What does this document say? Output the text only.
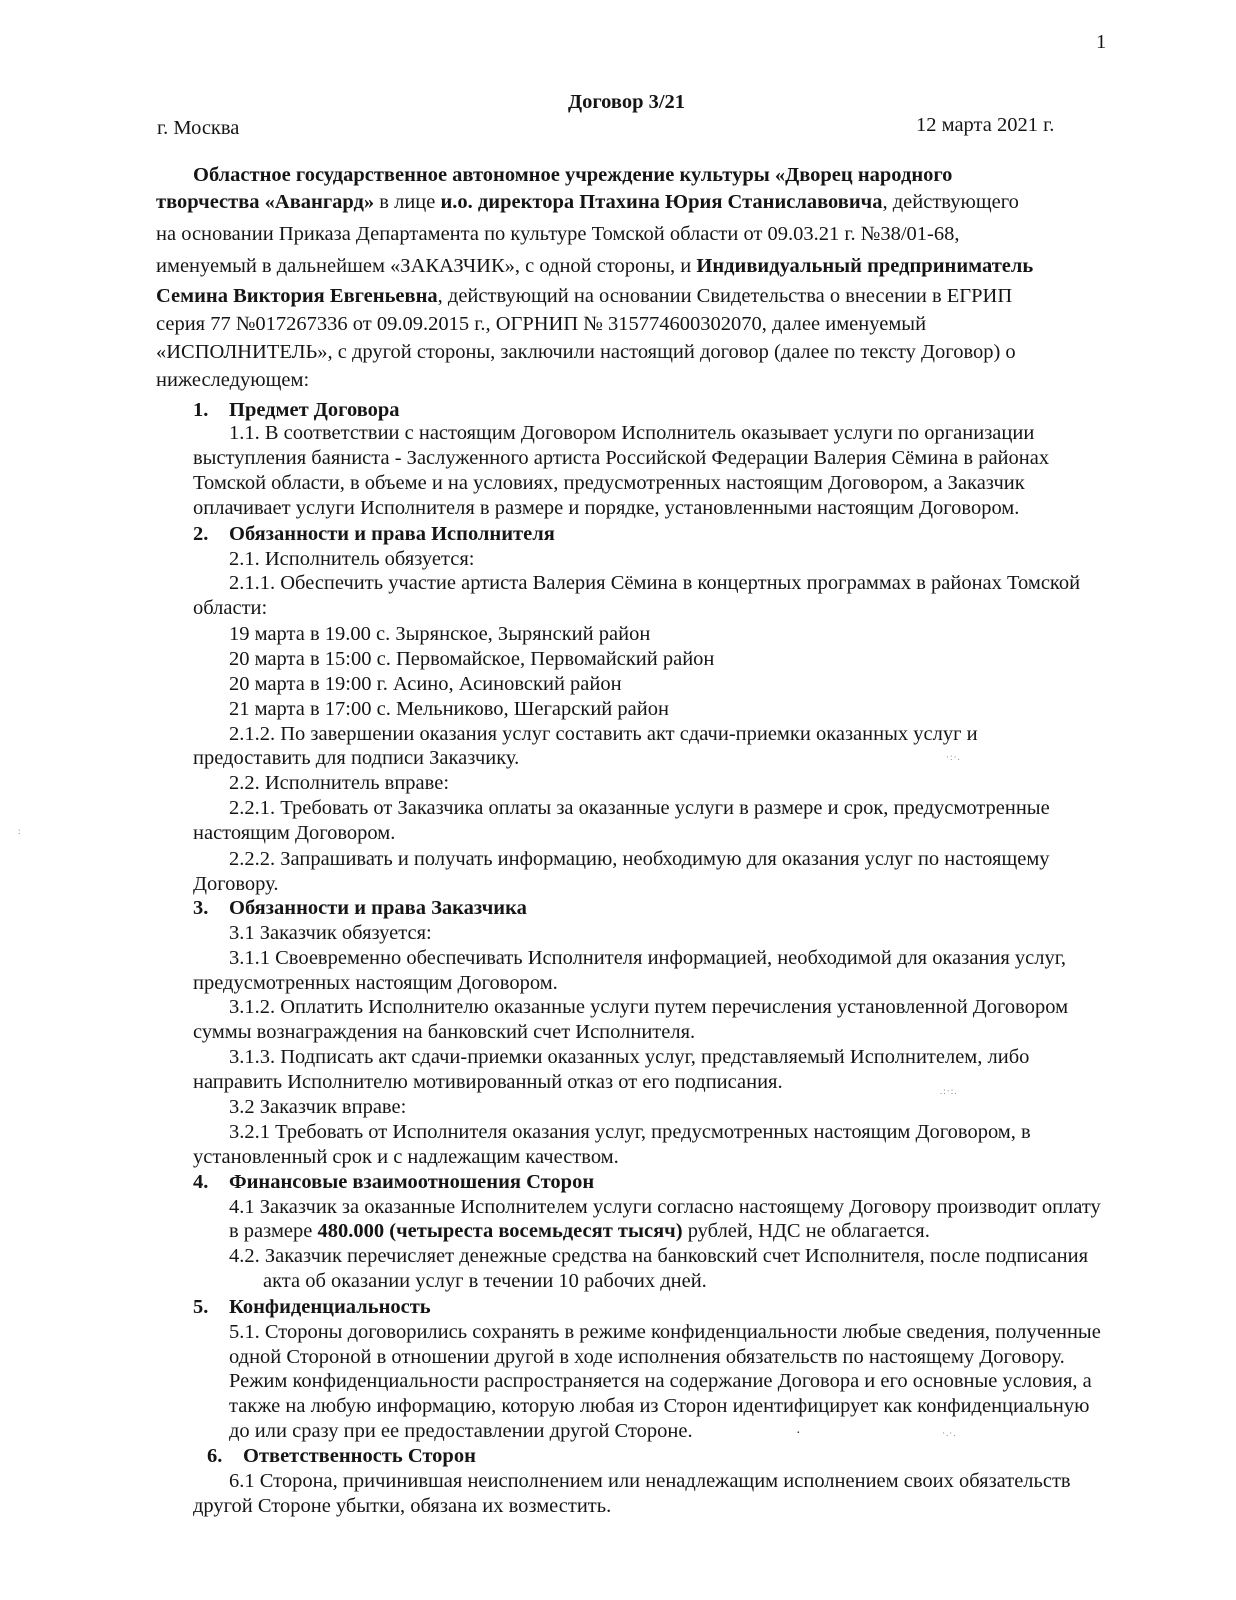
1
Договор 3/21
г. Москва	12 марта 2021 г.
Областное государственное автономное учреждение культуры «Дворец народного
творчества «Авангард» в лице и.о. директора Птахина Юрия Станиславовича, действующего
на основании Приказа Департамента по культуре Томской области от 09.03.21 г. №38/01-68,
именуемый в дальнейшем «ЗАКАЗЧИК», с одной стороны, и Индивидуальный предприниматель
Семина Виктория Евгеньевна, действующий на основании Свидетельства о внесении в ЕГРИП
серия 77 №017267336 от 09.09.2015 г., ОГРНИП № 315774600302070, далее именуемый
«ИСПОЛНИТЕЛЬ», с другой стороны, заключили настоящий договор (далее по тексту Договор) о
нижеследующем:
1. Предмет Договора
1.1. В соответствии с настоящим Договором Исполнитель оказывает услуги по организации
выступления баяниста - Заслуженного артиста Российской Федерации Валерия Сёмина в районах
Томской области, в объеме и на условиях, предусмотренных настоящим Договором, а Заказчик
оплачивает услуги Исполнителя в размере и порядке, установленными настоящим Договором.
2. Обязанности и права Исполнителя
2.1. Исполнитель обязуется:
2.1.1. Обеспечить участие артиста Валерия Сёмина в концертных программах в районах Томской
области:
19 марта в 19.00 с. Зырянское, Зырянский район
20 марта в 15:00 с. Первомайское, Первомайский район
20 марта в 19:00 г. Асино, Асиновский район
21 марта в 17:00 с. Мельниково, Шегарский район
2.1.2. По завершении оказания услуг составить акт сдачи-приемки оказанных услуг и
предоставить для подписи Заказчику.
2.2. Исполнитель вправе:
2.2.1. Требовать от Заказчика оплаты за оказанные услуги в размере и срок, предусмотренные
настоящим Договором.
2.2.2. Запрашивать и получать информацию, необходимую для оказания услуг по настоящему
Договору.
3. Обязанности и права Заказчика
3.1 Заказчик обязуется:
3.1.1 Своевременно обеспечивать Исполнителя информацией, необходимой для оказания услуг,
предусмотренных настоящим Договором.
3.1.2. Оплатить Исполнителю оказанные услуги путем перечисления установленной Договором
суммы вознаграждения на банковский счет Исполнителя.
3.1.3. Подписать акт сдачи-приемки оказанных услуг, представляемый Исполнителем, либо
направить Исполнителю мотивированный отказ от его подписания.
3.2 Заказчик вправе:
3.2.1 Требовать от Исполнителя оказания услуг, предусмотренных настоящим Договором, в
установленный срок и с надлежащим качеством.
4. Финансовые взаимоотношения Сторон
4.1 Заказчик за оказанные Исполнителем услуги согласно настоящему Договору производит оплату
в размере 480.000 (четыреста восемьдесят тысяч) рублей, НДС не облагается.
4.2. Заказчик перечисляет денежные средства на банковский счет Исполнителя, после подписания
акта об оказании услуг в течении 10 рабочих дней.
5. Конфиденциальность
5.1. Стороны договорились сохранять в режиме конфиденциальности любые сведения, полученные
одной Стороной в отношении другой в ходе исполнения обязательств по настоящему Договору.
Режим конфиденциальности распространяется на содержание Договора и его основные условия, а
также на любую информацию, которую любая из Сторон идентифицирует как конфиденциальную
до или сразу при ее предоставлении другой Стороне.
6. Ответственность Сторон
6.1 Сторона, причинившая неисполнением или ненадлежащим исполнением своих обязательств
другой Стороне убытки, обязана их возместить.
·:·.
.:·:.
·.·.
·
:
